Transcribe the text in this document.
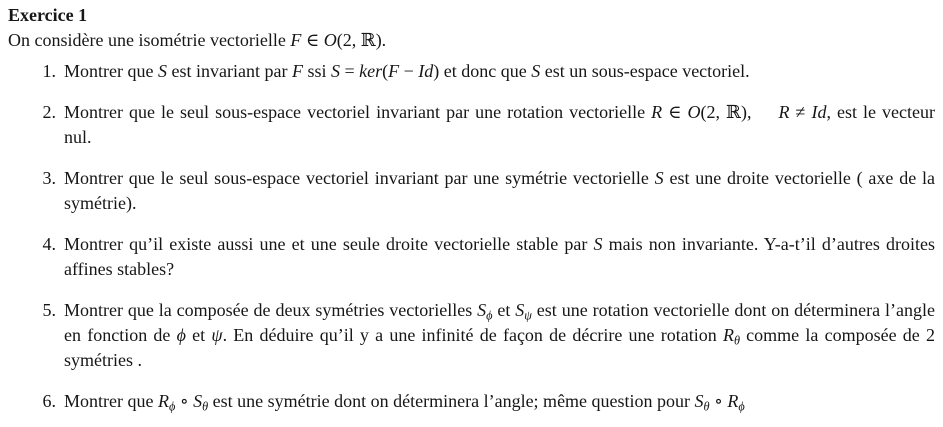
Exercice 1

On considère une isométrie vectorielle F ∈ O(2, ℝ).

1. Montrer que S est invariant par F ssi S = ker(F − Id) et donc que S est un sous-espace vectoriel.
2. Montrer que le seul sous-espace vectoriel invariant par une rotation vectorielle R ∈ O(2, ℝ),  R ≠ Id, est le vecteur nul.
3. Montrer que le seul sous-espace vectoriel invariant par une symétrie vectorielle S est une droite vectorielle ( axe de la symétrie).
4. Montrer qu’il existe aussi une et une seule droite vectorielle stable par S mais non invariante. Y-a-t’il d’autres droites affines stables?
5. Montrer que la composée de deux symétries vectorielles $S_\phi$ et $S_\psi$ est une rotation vectorielle dont on déterminera l’angle en fonction de ϕ et ψ. En déduire qu’il y a une infinité de façon de décrire une rotation $R_\theta$ comme la composée de 2 symétries .
6. Montrer que $R_\phi$ ∘ $S_\theta$ est une symétrie dont on déterminera l’angle; même question pour $S_\theta$ ∘ $R_\phi$
